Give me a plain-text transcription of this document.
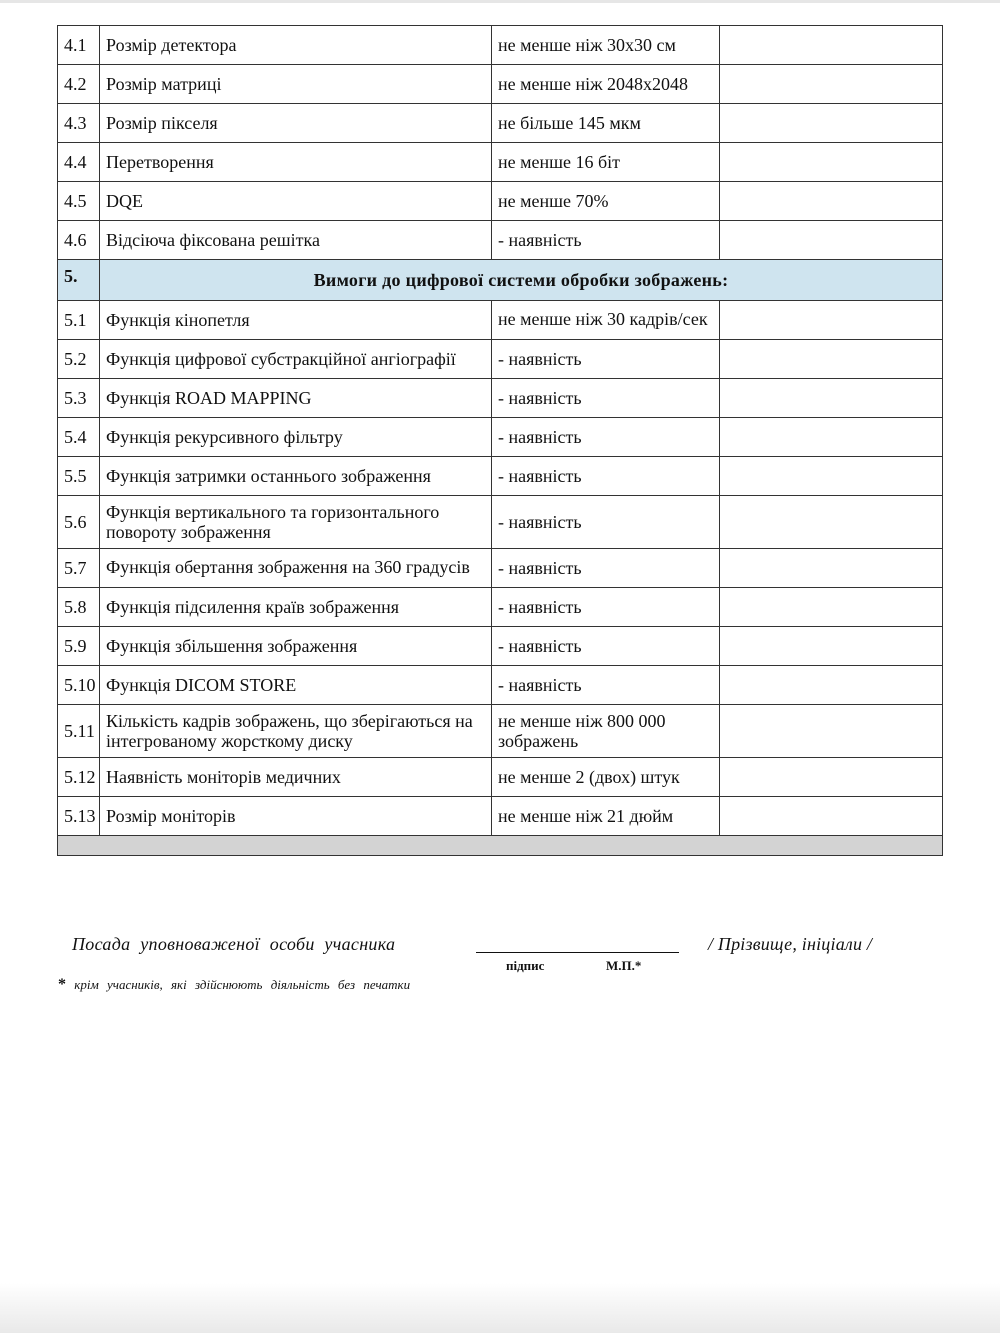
4.1	Розмір детектора	не менше ніж 30x30 см	
4.2	Розмір матриці	не менше ніж 2048x2048	
4.3	Розмір пікселя	не більше 145 мкм	
4.4	Перетворення	не менше 16 біт	
4.5	DQE	не менше 70%	
4.6	Відсіюча фіксована решітка	- наявність	
5.	Вимоги до цифрової системи обробки зображень:		
5.1	Функція кінопетля	не менше ніж 30 кадрів/сек	

5.2	Функція цифрової субстракційної ангіографії	- наявність	
5.3	Функція ROAD MAPPING	- наявність	
5.4	Функція рекурсивного фільтру	- наявність	
5.5	Функція затримки останнього зображення	- наявність	
5.6	Функція вертикального та горизонтального повороту зображення	- наявність	
5.7	Функція обертання зображення на 360 градусів	- наявність	
5.8	Функція підсилення країв зображення	- наявність	
5.9	Функція збільшення зображення	- наявність	
5.10	Функція DICOM STORE	- наявність	
5.11	Кількість кадрів зображень, що зберігаються на інтегрованому жорсткому диску	не менше ніж 800 000 зображень	
5.12	Наявність моніторів медичних	не менше 2 (двох) штук	
5.13	Розмір моніторів	не менше ніж 21 дюйм	

Посада уповноваженої особи учасника	/ Прізвище, ініціали /
підпис	М.П.*
* крім учасників, які здійснюють діяльність без печатки
